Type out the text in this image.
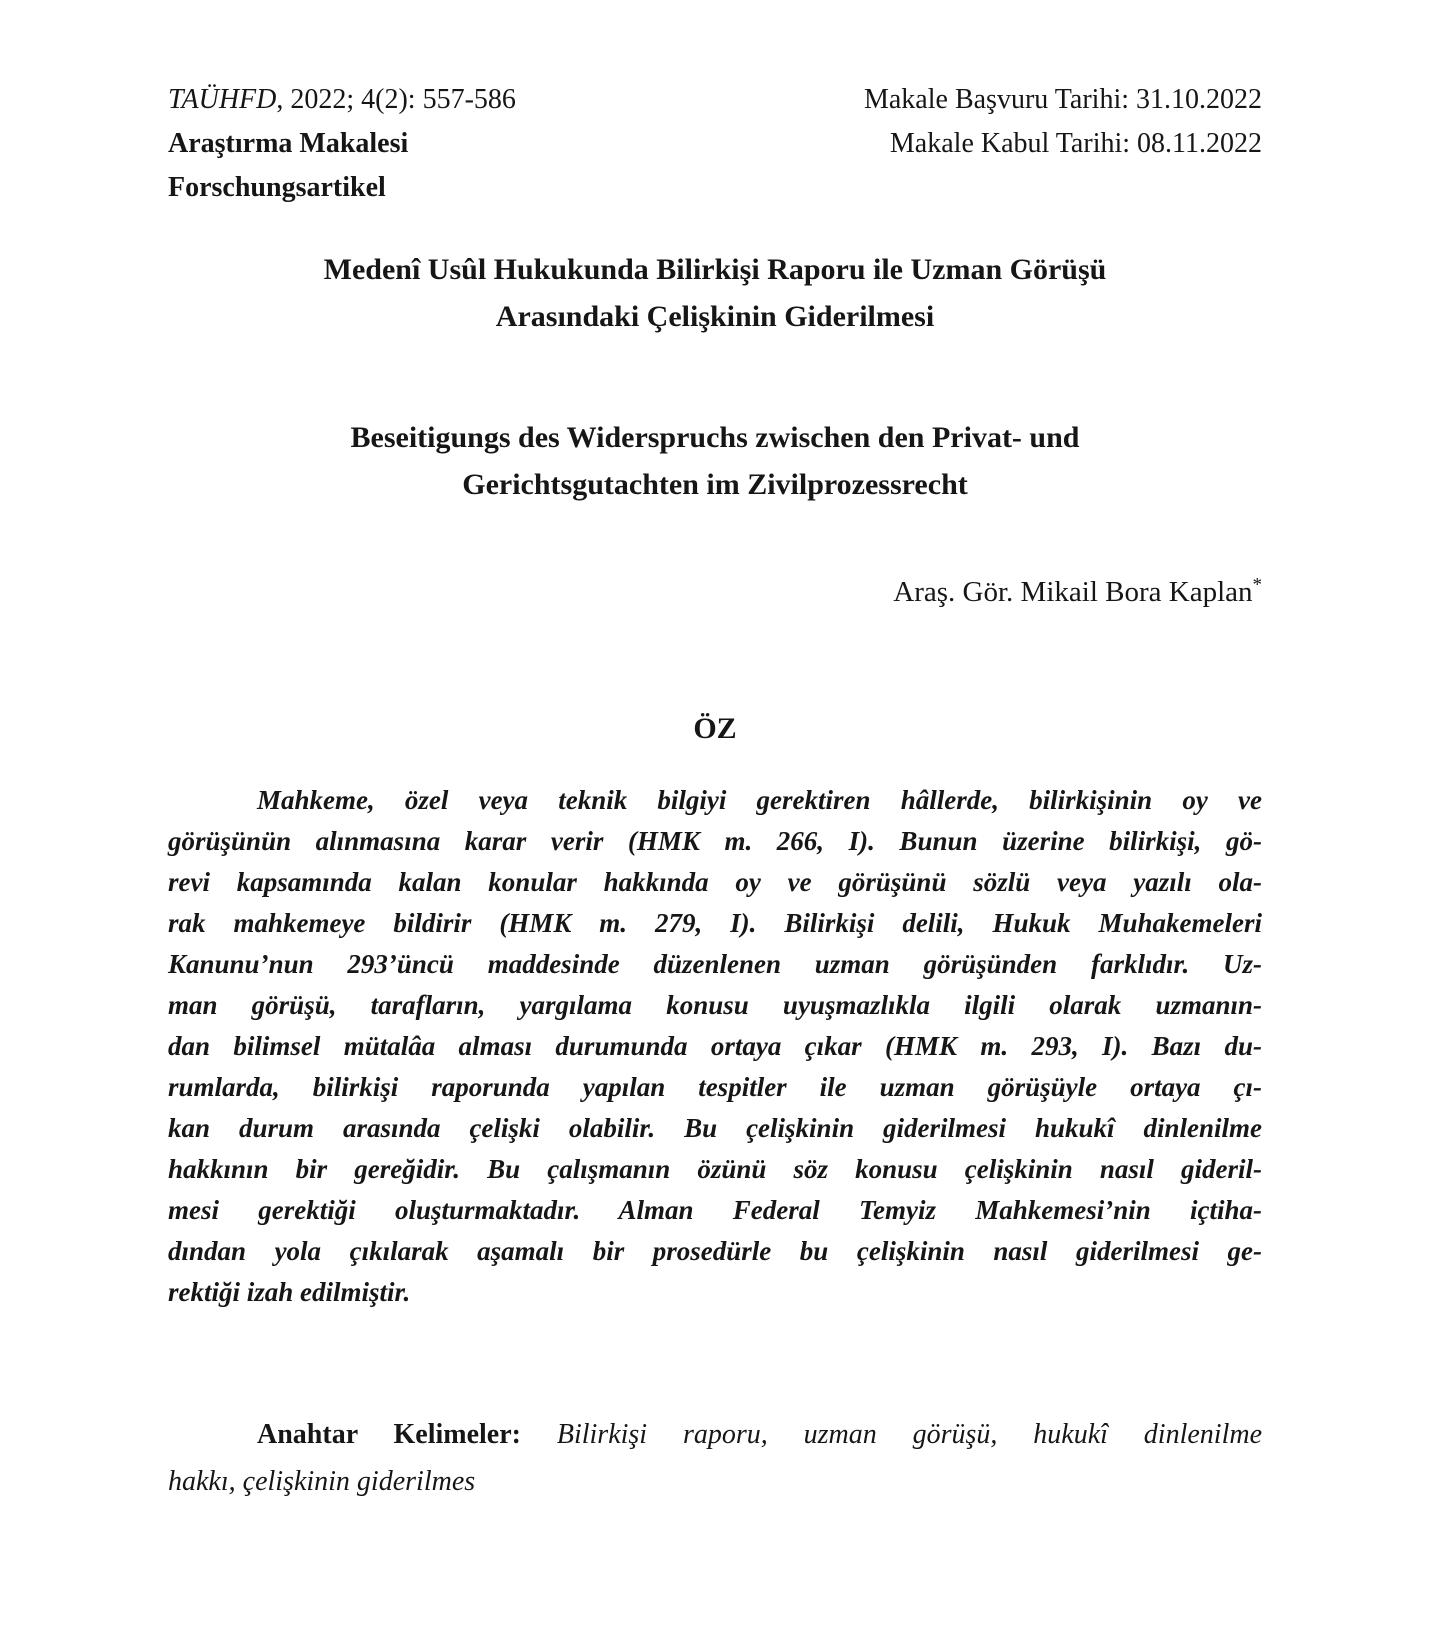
TAÜHFD, 2022; 4(2): 557-586
Araştırma Makalesi
Forschungsartikel
Makale Başvuru Tarihi: 31.10.2022
Makale Kabul Tarihi: 08.11.2022
Medenî Usûl Hukukunda Bilirkişi Raporu ile Uzman Görüşü
Arasındaki Çelişkinin Giderilmesi
Beseitigungs des Widerspruchs zwischen den Privat- und
Gerichtsgutachten im Zivilprozessrecht
Araş. Gör. Mikail Bora Kaplan*
ÖZ
Mahkeme, özel veya teknik bilgiyi gerektiren hâllerde, bilirkişinin oy ve
görüşünün alınmasına karar verir (HMK m. 266, I). Bunun üzerine bilirkişi, gö-
revi kapsamında kalan konular hakkında oy ve görüşünü sözlü veya yazılı ola-
rak mahkemeye bildirir (HMK m. 279, I). Bilirkişi delili, Hukuk Muhakemeleri
Kanunu’nun 293’üncü maddesinde düzenlenen uzman görüşünden farklıdır. Uz-
man görüşü, tarafların, yargılama konusu uyuşmazlıkla ilgili olarak uzmanın-
dan bilimsel mütalâa alması durumunda ortaya çıkar (HMK m. 293, I). Bazı du-
rumlarda, bilirkişi raporunda yapılan tespitler ile uzman görüşüyle ortaya çı-
kan durum arasında çelişki olabilir. Bu çelişkinin giderilmesi hukukî dinlenilme
hakkının bir gereğidir. Bu çalışmanın özünü söz konusu çelişkinin nasıl gideril-
mesi gerektiği oluşturmaktadır. Alman Federal Temyiz Mahkemesi’nin içtiha-
dından yola çıkılarak aşamalı bir prosedürle bu çelişkinin nasıl giderilmesi ge-
rektiği izah edilmiştir.
Anahtar Kelimeler: Bilirkişi raporu, uzman görüşü, hukukî dinlenilme
hakkı, çelişkinin giderilmes
